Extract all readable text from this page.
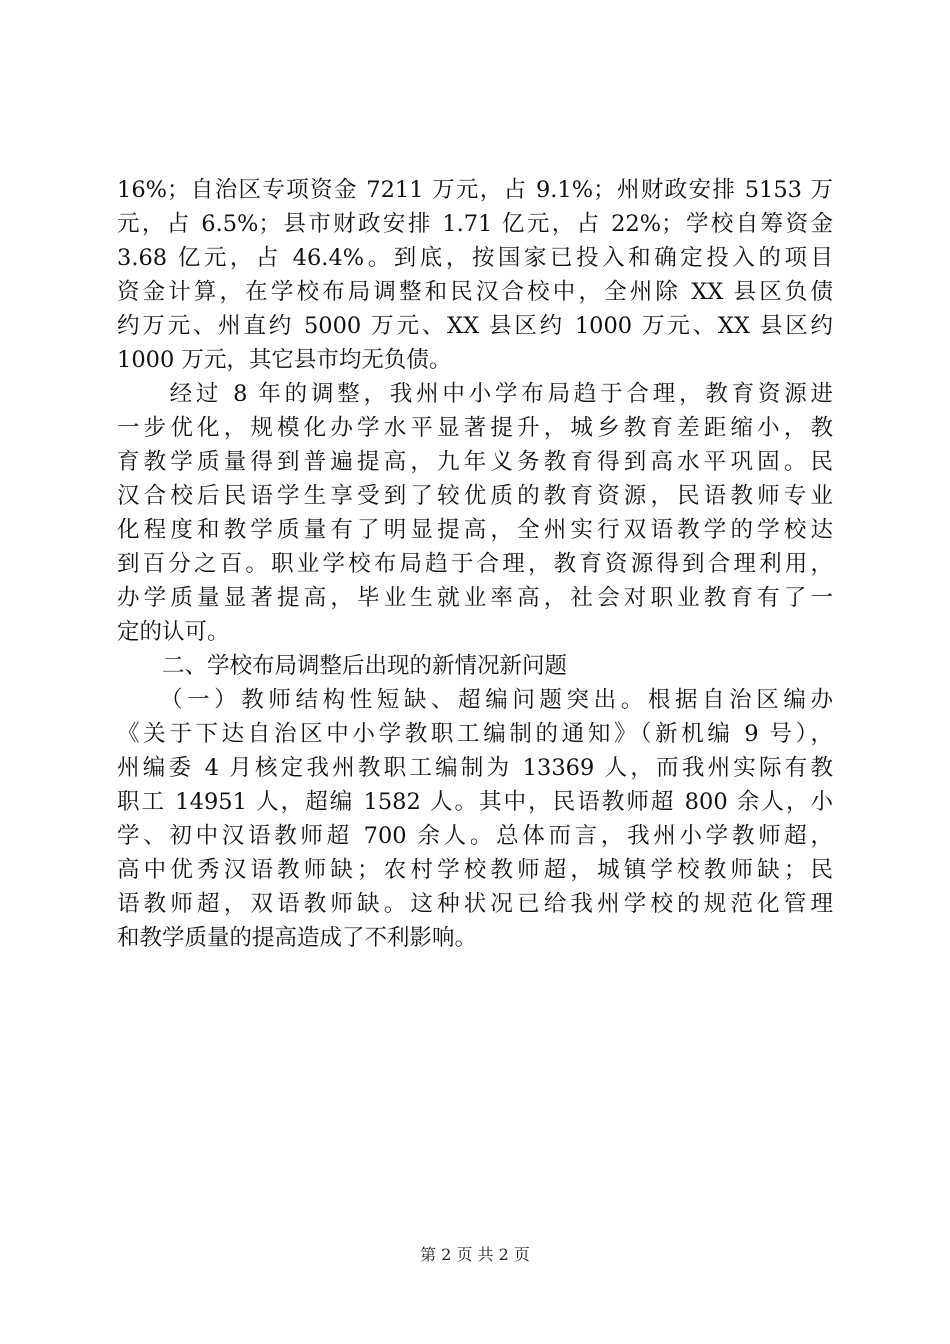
16%；自治区专项资金 7211 万元，占 9.1%；州财政安排 5153 万
元，占 6.5%；县市财政安排 1.71 亿元，占 22%；学校自筹资金
3.68 亿元，占 46.4%。到底，按国家已投入和确定投入的项目
资金计算，在学校布局调整和民汉合校中，全州除 XX 县区负债
约万元、州直约 5000 万元、XX 县区约 1000 万元、XX 县区约
1000 万元，其它县市均无负债。
　　经过 8 年的调整，我州中小学布局趋于合理，教育资源进
一步优化，规模化办学水平显著提升，城乡教育差距缩小，教
育教学质量得到普遍提高，九年义务教育得到高水平巩固。民
汉合校后民语学生享受到了较优质的教育资源，民语教师专业
化程度和教学质量有了明显提高，全州实行双语教学的学校达
到百分之百。职业学校布局趋于合理，教育资源得到合理利用，
办学质量显著提高，毕业生就业率高，社会对职业教育有了一
定的认可。
　　二、学校布局调整后出现的新情况新问题
　　（一）教师结构性短缺、超编问题突出。根据自治区编办
《关于下达自治区中小学教职工编制的通知》（新机编 9 号），
州编委 4 月核定我州教职工编制为 13369 人，而我州实际有教
职工 14951 人，超编 1582 人。其中，民语教师超 800 余人，小
学、初中汉语教师超 700 余人。总体而言，我州小学教师超，
高中优秀汉语教师缺；农村学校教师超，城镇学校教师缺；民
语教师超，双语教师缺。这种状况已给我州学校的规范化管理
和教学质量的提高造成了不利影响。
第 2 页 共 2 页
